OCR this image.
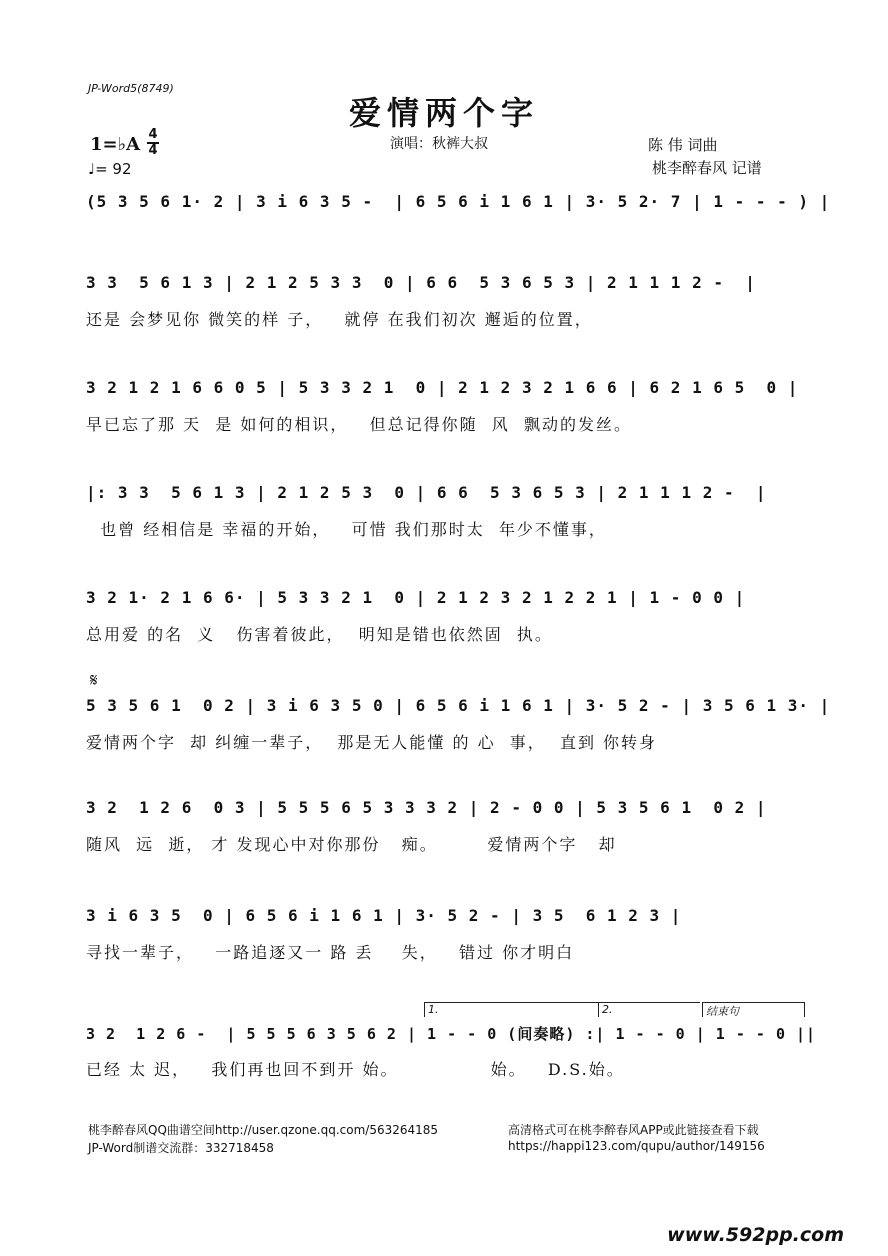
JP-Word5(8749)
爱情两个字
1=♭A 4
4
♩= 92
演唱：秋裤大叔	陈 伟 词曲
桃李醉春风 记谱
(5 3 5 6 1· 2 | 3 i 6 3 5 -  | 6 5 6 i 1 6 1 | 3· 5 2· 7 | 1 - - - ) |
3 3  5 6 1 3 | 2 1 2 5 3 3  0 | 6 6  5 3 6 5 3 | 2 1 1 1 2 -  |
还是 会梦见你 微笑的样 子，   就停 在我们初次 邂逅的位置，
3 2 1 2 1 6 6 0 5 | 5 3 3 2 1  0 | 2 1 2 3 2 1 6 6 | 6 2 1 6 5  0 |
早已忘了那 天  是 如何的相识，   但总记得你随  风  飘动的发丝。
|: 3 3  5 6 1 3 | 2 1 2 5 3  0 | 6 6  5 3 6 5 3 | 2 1 1 1 2 -  |
也曾 经相信是 幸福的开始，   可惜 我们那时太  年少不懂事，
3 2 1· 2 1 6 6· | 5 3 3 2 1  0 | 2 1 2 3 2 1 2 2 1 | 1 - 0 0 |
总用爱 的名  义   伤害着彼此，  明知是错也依然固  执。
𝄋
5 3 5 6 1  0 2 | 3 i 6 3 5 0 | 6 5 6 i 1 6 1 | 3· 5 2 - | 3 5 6 1 3· |
爱情两个字  却 纠缠一辈子，  那是无人能懂 的 心  事，  直到 你转身
3 2  1 2 6  0 3 | 5 5 5 6 5 3 3 3 2 | 2 - 0 0 | 5 3 5 6 1  0 2 |
随风  远  逝， 才 发现心中对你那份   痴。       爱情两个字   却
3 i 6 3 5  0 | 6 5 6 i 1 6 1 | 3· 5 2 - | 3 5  6 1 2 3 |
寻找一辈子，   一路追逐又一 路 丢    失，   错过 你才明白
1.	2.	结束句
3 2  1 2 6 -  | 5 5 5 6 3 5 6 2 | 1 - - 0 (间奏略) :| 1 - - 0 | 1 - - 0 ||
已经 太 迟，   我们再也回不到开 始。             始。   D.S.始。
桃李醉春风QQ曲谱空间http://user.qzone.qq.com/563264185	高清格式可在桃李醉春风APP或此链接查看下载
JP-Word制谱交流群：332718458	https://happi123.com/qupu/author/149156
www.592pp.com
